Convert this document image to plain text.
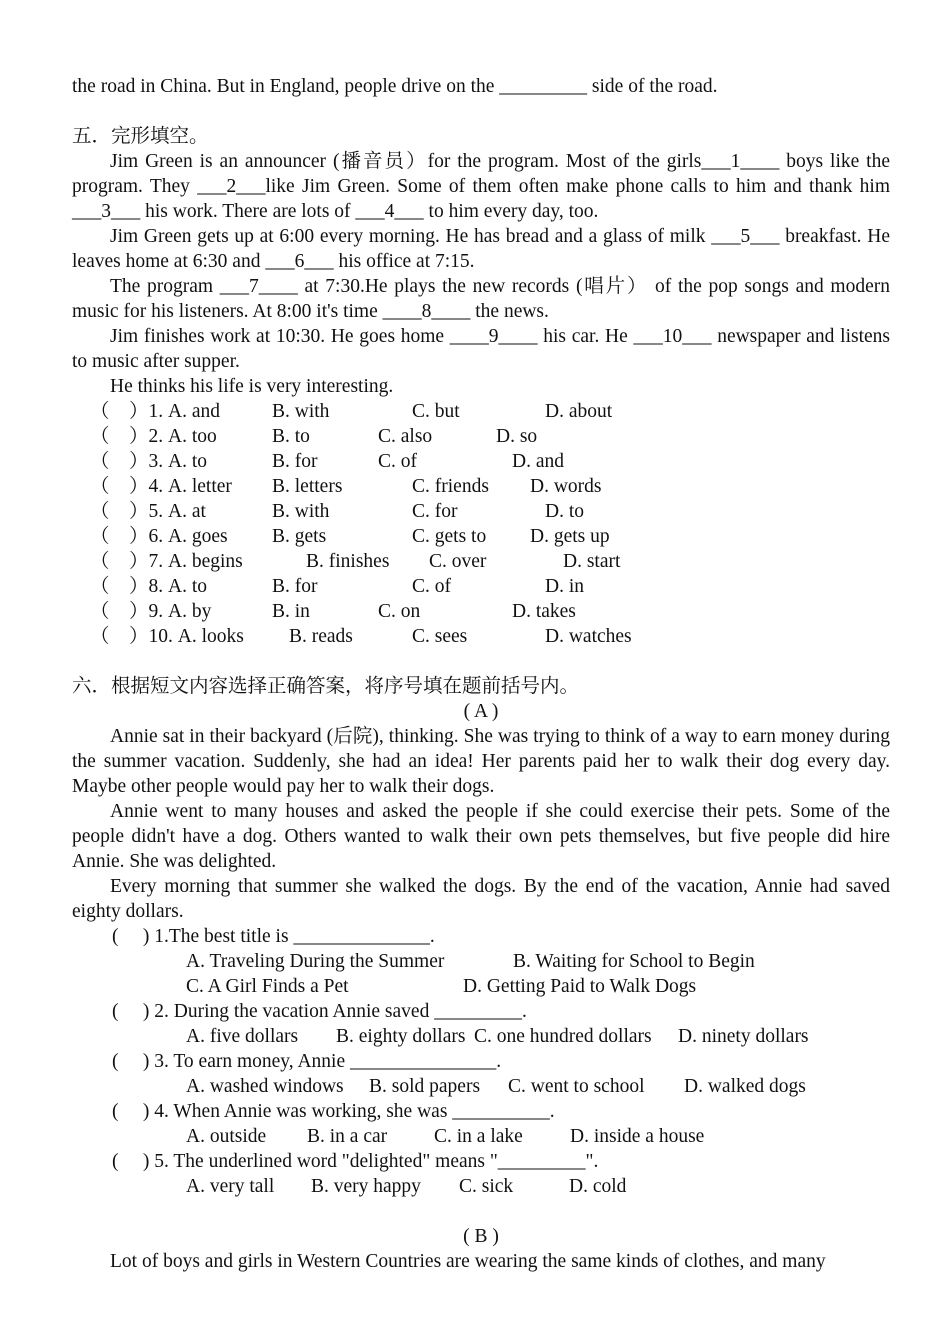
the road in China. But in England, people drive on the _________ side of the road.

五．完形填空。

Jim Green is an announcer (播音员）for the program. Most of the girls___1____ boys like the program. They ___2___like Jim Green. Some of them often make phone calls to him and thank him ___3___ his work. There are lots of ___4___ to him every day, too.

Jim Green gets up at 6:00 every morning. He has bread and a glass of milk ___5___ breakfast. He leaves home at 6:30 and ___6___ his office at 7:15.

The program ___7____ at 7:30.He plays the new records (唱片） of the pop songs and modern music for his listeners. At 8:00 it's time ____8____ the news.

Jim finishes work at 10:30. He goes home ____9____ his car. He ___10___ newspaper and listens to music after supper.

He thinks his life is very interesting.

（　）1. A. and	B. with	C. but	D. about
（　）2. A. too	B. to	C. also	D. so
（　）3. A. to	B. for	C. of	D. and
（　）4. A. letter B. letters	C. friends D. words
（　）5. A. at	B. with	C. for	D. to
（　）6. A. goes B. gets	C. gets to D. gets up
（　）7. A. begins	B. finishes C. over	D. start
（　）8. A. to	B. for	C. of	D. in
（　）9. A. by	B. in	C. on	D. takes
（　）10. A. looks B. reads	C. sees	D. watches

六．根据短文内容选择正确答案，将序号填在题前括号内。

( A )

Annie sat in their backyard (后院), thinking. She was trying to think of a way to earn money during the summer vacation. Suddenly, she had an idea! Her parents paid her to walk their dog every day. Maybe other people would pay her to walk their dogs.

Annie went to many houses and asked the people if she could exercise their pets. Some of the people didn't have a dog. Others wanted to walk their own pets themselves, but five people did hire Annie. She was delighted.

Every morning that summer she walked the dogs. By the end of the vacation, Annie had saved eighty dollars.

(　 ) 1.The best title is ______________.
A. Traveling During the Summer	B. Waiting for School to Begin
C. A Girl Finds a Pet	D. Getting Paid to Walk Dogs
(　 ) 2. During the vacation Annie saved _________.
A. five dollars B. eighty dollars C. one hundred dollars D. ninety dollars
(　 ) 3. To earn money, Annie _______________.
A. washed windows B. sold papers C. went to school D. walked dogs
(　 ) 4. When Annie was working, she was __________.
A. outside B. in a car C. in a lake D. inside a house
(　 ) 5. The underlined word "delighted" means "_________".
A. very tall B. very happy C. sick	D. cold

( B )

Lot of boys and girls in Western Countries are wearing the same kinds of clothes, and many
